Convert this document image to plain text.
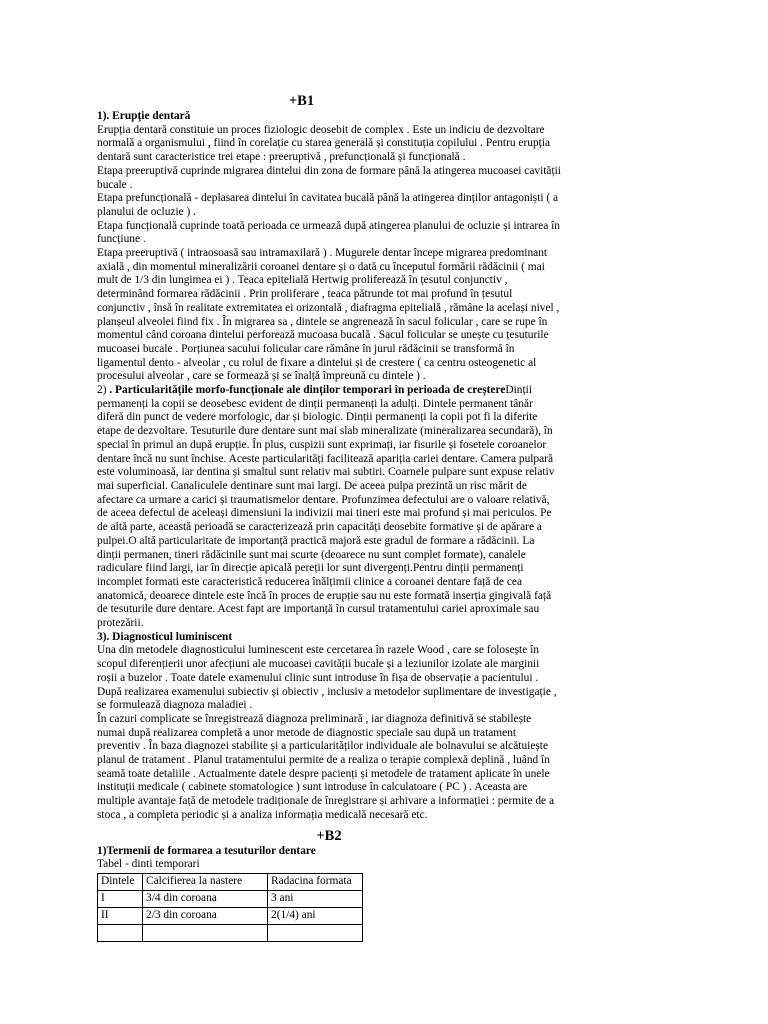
+B1
1). Erupție dentară

Erupția dentară constituie un proces fiziologic deosebit de complex . Este un indiciu de dezvoltare normală a organismului , fiind în corelație cu starea generală și constituția copilului . Pentru erupția dentară sunt caracteristice trei etape : preeruptivă , prefuncțională și funcțională .

Etapa preeruptivă cuprinde migrarea dintelui din zona de formare până la atingerea mucoasei cavității bucale .

Etapa prefuncțională - deplasarea dintelui în cavitatea bucală până la atingerea dinților antagoniști ( a planului de ocluzie ) .

Etapa funcțională cuprinde toată perioada ce urmează după atingerea planului de ocluzie și intrarea în funcțiune .

Etapa preeruptivă ( intraosoasă sau intramaxilară ) . Mugurele dentar începe migrarea predominant axială , din momentul mineralizării coroanei dentare și o dată cu începutul formării rădăcinii ( mai mult de 1/3 din lungimea ei ) . Teaca epitelială Hertwig proliferează în țesutul conjunctiv , determinând formarea rădăcinii . Prin proliferare , teaca pătrunde tot mai profund în țesutul conjunctiv , însă în realitate extremitatea ei orizontală , diafragma epitelială , rămâne la același nivel , planșeul alveolei fiind fix . În migrarea sa , dintele se angrenează în sacul folicular , care se rupe în momentul când coroana dintelui perforează mucoasa bucală . Sacul folicular se unește cu țesuturile mucoasei bucale . Porțiunea sacului folicular care rămâne în jurul rădăcinii se transformă în ligamentul dento - alveolar , cu rolul de fixare a dintelui și de crestere ( ca centru osteogenetic al procesului alveolar , care se formează și se înalță împreună cu dintele ) .

2) . Particularitățile morfo-funcționale ale dinților temporari în perioada de creștereDinții permanenți la copii se deosebesc evident de dinții permanenți la adulți. Dintele permanent tânăr diferă din punct de vedere morfologic, dar și biologic. Dinții permanenți la copii pot fi la diferite etape de dezvoltare. Tesuturile dure dentare sunt mai slab mineralizate (mineralizarea secundară), în special în primul an după erupție. În plus, cuspizii sunt exprimați, iar fisurile și fosetele coroanelor dentare încă nu sunt închise. Aceste particularități facilitează apariția cariei dentare. Camera pulpară este voluminoasă, iar dentina și smaltul sunt relativ mai subtiri. Coarnele pulpare sunt expuse relativ mai superficial. Canaliculele dentinare sunt mai largi. De aceea pulpa prezintă un risc mărit de afectare ca urmare a carici și traumatismelor dentare. Profunzimea defectului are o valoare relativă, de aceea defectul de aceleași dimensiuni la indivizii mai tineri este mai profund și mai periculos. Pe de altă parte, această perioadă se caracterizează prin capacități deosebite formative și de apărare a pulpei.O altă particularitate de importanță practică majoră este gradul de formare a rădăcinii. La dinții permanen, tineri rădăcinile sunt mai scurte (deoarece nu sunt complet formate), canalele radiculare fiind largi, iar în direcție apicală pereții lor sunt divergenți.Pentru dinții permanenți incomplet formati este caracteristică reducerea înălțimii clinice a coroanei dentare față de cea anatomică, deoarece dintele este încă în proces de erupție sau nu este formată inserția gingivală față de tesuturile dure dentare. Acest fapt are importanță în cursul tratamentului cariei aproximale sau protezării.

3). Diagnosticul luminiscent

Una din metodele diagnosticului luminescent este cercetarea în razele Wood , care se folosește în scopul diferențierii unor afecțiuni ale mucoasei cavității bucale și a leziunilor izolate ale marginii roșii a buzelor . Toate datele examenului clinic sunt introduse în fișa de observație a pacientului . După realizarea examenului subiectiv și obiectiv , inclusiv a metodelor suplimentare de investigație , se formulează diagnoza maladiei .

În cazuri complicate se înregistrează diagnoza preliminară , iar diagnoza definitivă se stabilește numai după realizarea completă a unor metode de diagnostic speciale sau după un tratament preventiv . În baza diagnozei stabilite și a particularităților individuale ale bolnavului se alcătuiește planul de tratament . Planul tratamentului permite de a realiza o terapie complexă deplină , luând în seamă toate detaliile . Actualmente datele despre pacienți și metodele de tratament aplicate în unele instituții medicale ( cabinete stomatologice ) sunt introduse în calculatoare ( PC ) . Aceasta are multiple avantaje față de metodele tradiționale de înregistrare și arhivare a informației : permite de a stoca , a completa periodic și a analiza informația medicală necesară etc.

+B2
1)Termenii de formarea a tesuturilor dentare

Tabel - dinti temporari

Dintele	Calcifierea la nastere	Radacina formata
I	3/4 din coroana	3 ani
II	2/3 din coroana	2(1/4) ani
